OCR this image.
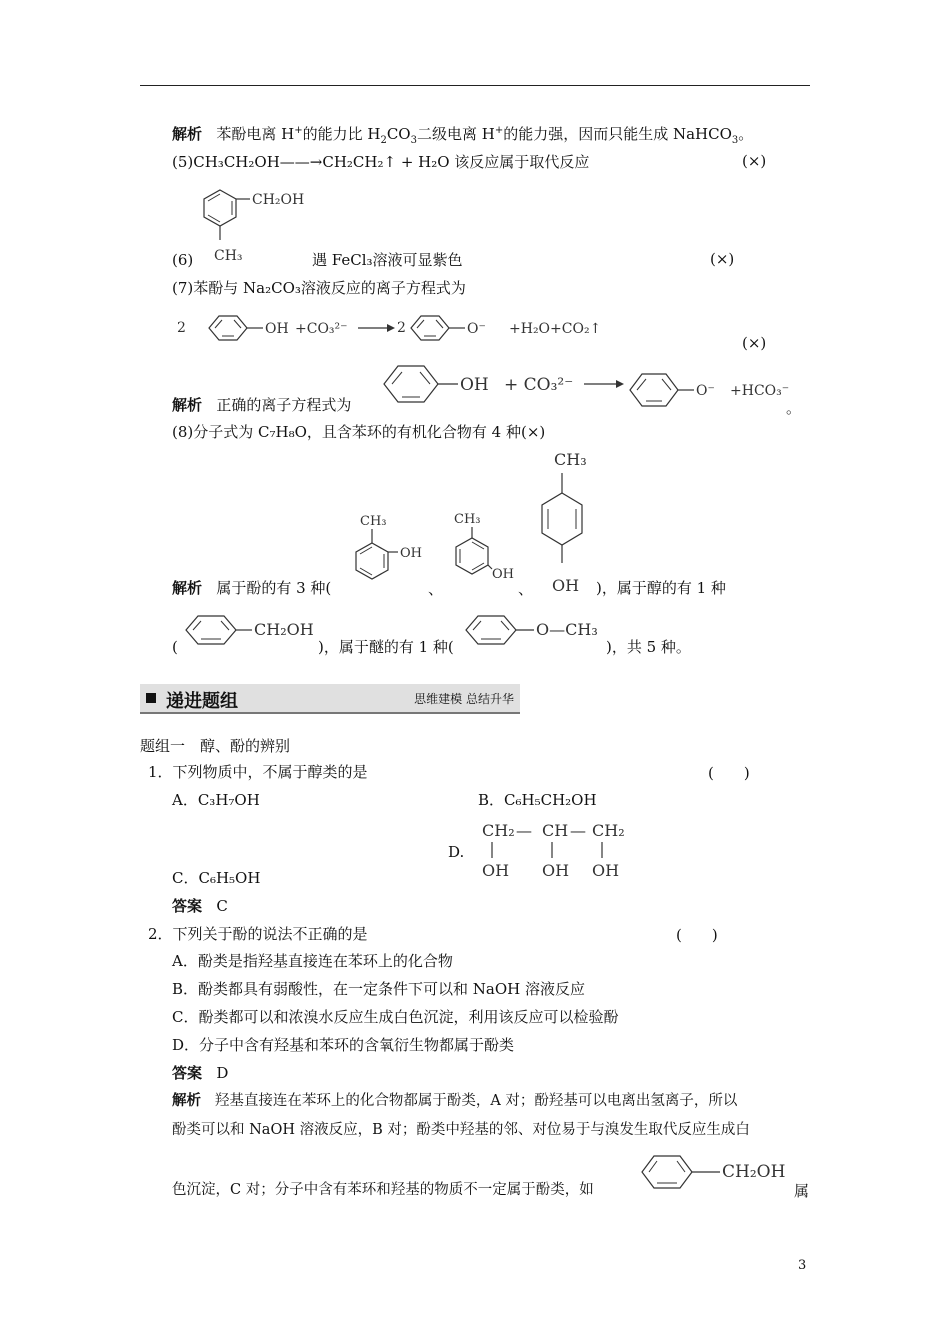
解析 苯酚电离 H+的能力比 $H_2CO_3$二级电离 H+的能力强，因而只能生成 NaHCO$_3$。
(5)CH₃CH₂OH——→CH₂CH₂↑ + H₂O 该反应属于取代反应	(×)
CH₂OH
CH₃
(6)	遇 FeCl₃溶液可显紫色	(×)
(7)苯酚与 Na₂CO₃溶液反应的离子方程式为
2	OH +CO₃²⁻	2	O⁻ +H₂O+CO₂↑
(×)
解析 正确的离子方程式为
OH + CO₃²⁻	O⁻ +HCO₃⁻
。
(8)分子式为 C₇H₈O，且含苯环的有机化合物有 4 种(×)
解析 属于酚的有 3 种(
CH₃
OH
、
CH₃
OH
、
CH₃
OH )，属于醇的有 1 种
(
CH₂OH
)，属于醚的有 1 种(
O—CH₃
)，共 5 种。
递进题组	思维建模 总结升华
题组一　醇、酚的辨别
1．下列物质中，不属于醇类的是	(　　)
A．C₃H₇OH	B．C₆H₅CH₂OH
D.
CH₂ — CH — CH₂
OH OH OH
C．C₆H₅OH
答案 C
2．下列关于酚的说法不正确的是	(　　)
A．酚类是指羟基直接连在苯环上的化合物
B．酚类都具有弱酸性，在一定条件下可以和 NaOH 溶液反应
C．酚类都可以和浓溴水反应生成白色沉淀，利用该反应可以检验酚
D．分子中含有羟基和苯环的含氧衍生物都属于酚类
答案 D
解析 羟基直接连在苯环上的化合物都属于酚类，A 对；酚羟基可以电离出氢离子，所以
酚类可以和 NaOH 溶液反应，B 对；酚类中羟基的邻、对位易于与溴发生取代反应生成白
色沉淀，C 对；分子中含有苯环和羟基的物质不一定属于酚类，如
CH₂OH
属
3
